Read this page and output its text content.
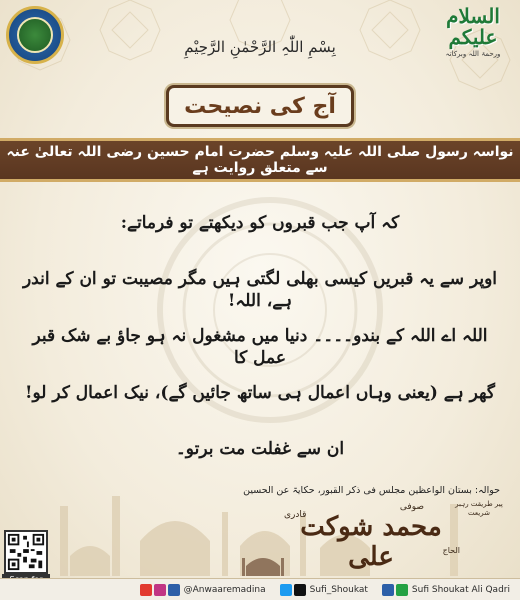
السلام
علیکم
ورحمۃ اللہ وبرکاتہ
بِسْمِ اللّٰہِ الرَّحْمٰنِ الرَّحِیْمِ
آج کی نصیحت
نواسہ رسول صلی اللہ علیہ وسلم حضرت امام حسین رضی اللہ تعالیٰ عنہ سے متعلق روایت ہے
کہ آپ جب قبروں کو دیکھتے تو فرماتے:
اوپر سے یہ قبریں کیسی بھلی لگتی ہیں مگر مصیبت تو ان کے اندر ہے، اللہ!
اللہ اے اللہ کے بندو۔۔۔۔ دنیا میں مشغول نہ ہو جاؤ بے شک قبر عمل کا
گھر ہے (یعنی وہاں اعمال ہی ساتھ جائیں گے)، نیک اعمال کر لو!
ان سے غفلت مت برتو۔
حوالہ: بستان الواعظین مجلس فی ذکر القبور، حکایۃ عن الحسین
پیر طریقت رہبر شریعت
صوفی
قادری
محمد شوکت علی	الحاج
@Anwaaremadina	Sufi_Shoukat	Sufi Shoukat Ali Qadri
